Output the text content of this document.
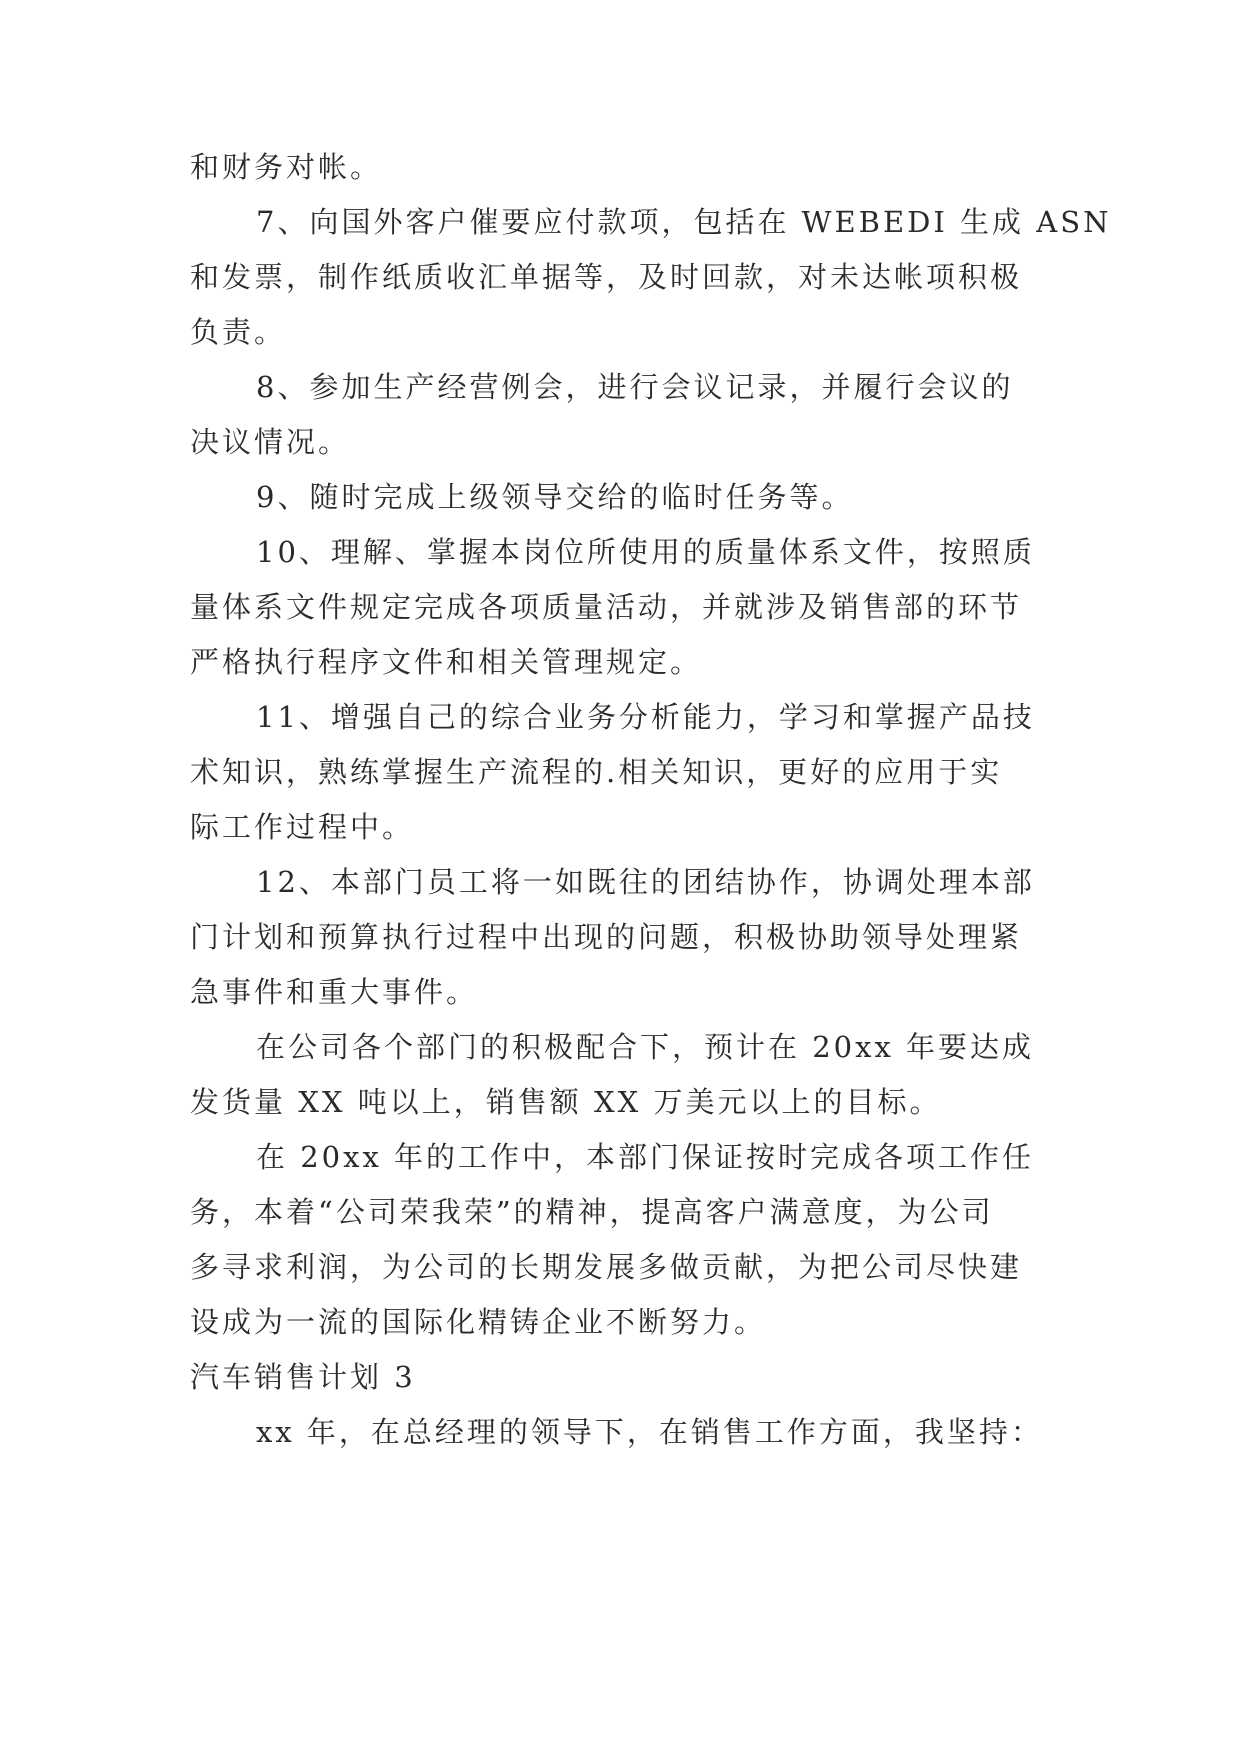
和财务对帐。
7、向国外客户催要应付款项，包括在 WEBEDI 生成 ASN
和发票，制作纸质收汇单据等，及时回款，对未达帐项积极
负责。
8、参加生产经营例会，进行会议记录，并履行会议的
决议情况。
9、随时完成上级领导交给的临时任务等。
10、理解、掌握本岗位所使用的质量体系文件，按照质
量体系文件规定完成各项质量活动，并就涉及销售部的环节
严格执行程序文件和相关管理规定。
11、增强自己的综合业务分析能力，学习和掌握产品技
术知识，熟练掌握生产流程的.相关知识，更好的应用于实
际工作过程中。
12、本部门员工将一如既往的团结协作，协调处理本部
门计划和预算执行过程中出现的问题，积极协助领导处理紧
急事件和重大事件。
在公司各个部门的积极配合下，预计在 20xx 年要达成
发货量 XX 吨以上，销售额 XX 万美元以上的目标。
在 20xx 年的工作中，本部门保证按时完成各项工作任
务，本着“公司荣我荣”的精神，提高客户满意度，为公司
多寻求利润，为公司的长期发展多做贡献，为把公司尽快建
设成为一流的国际化精铸企业不断努力。
汽车销售计划 3
xx 年，在总经理的领导下，在销售工作方面，我坚持：
